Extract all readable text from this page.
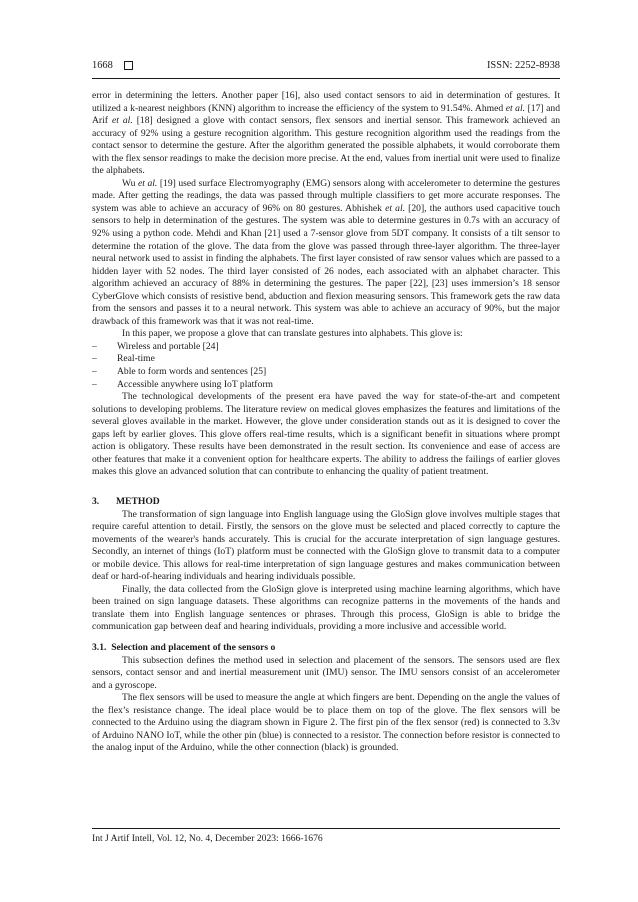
1668	ISSN: 2252-8938

error in determining the letters. Another paper [16], also used contact sensors to aid in determination of gestures. It utilized a k-nearest neighbors (KNN) algorithm to increase the efficiency of the system to 91.54%. Ahmed et al. [17] and Arif et al. [18] designed a glove with contact sensors, flex sensors and inertial sensor. This framework achieved an accuracy of 92% using a gesture recognition algorithm. This gesture recognition algorithm used the readings from the contact sensor to determine the gesture. After the algorithm generated the possible alphabets, it would corroborate them with the flex sensor readings to make the decision more precise. At the end, values from inertial unit were used to finalize the alphabets.

Wu et al. [19] used surface Electromyography (EMG) sensors along with accelerometer to determine the gestures made. After getting the readings, the data was passed through multiple classifiers to get more accurate responses. The system was able to achieve an accuracy of 96% on 80 gestures. Abhishek et al. [20], the authors used capacitive touch sensors to help in determination of the gestures. The system was able to determine gestures in 0.7s with an accuracy of 92% using a python code. Mehdi and Khan [21] used a 7-sensor glove from 5DT company. It consists of a tilt sensor to determine the rotation of the glove. The data from the glove was passed through three-layer algorithm. The three-layer neural network used to assist in finding the alphabets. The first layer consisted of raw sensor values which are passed to a hidden layer with 52 nodes. The third layer consisted of 26 nodes, each associated with an alphabet character. This algorithm achieved an accuracy of 88% in determining the gestures. The paper [22], [23] uses immersion’s 18 sensor CyberGlove which consists of resistive bend, abduction and flexion measuring sensors. This framework gets the raw data from the sensors and passes it to a neural network. This system was able to achieve an accuracy of 90%, but the major drawback of this framework was that it was not real-time.

In this paper, we propose a glove that can translate gestures into alphabets. This glove is:

– Wireless and portable [24]
– Real-time
– Able to form words and sentences [25]
– Accessible anywhere using IoT platform

The technological developments of the present era have paved the way for state-of-the-art and competent solutions to developing problems. The literature review on medical gloves emphasizes the features and limitations of the several gloves available in the market. However, the glove under consideration stands out as it is designed to cover the gaps left by earlier gloves. This glove offers real-time results, which is a significant benefit in situations where prompt action is obligatory. These results have been demonstrated in the result section. Its convenience and ease of access are other features that make it a convenient option for healthcare experts. The ability to address the failings of earlier gloves makes this glove an advanced solution that can contribute to enhancing the quality of patient treatment.

3. METHOD

The transformation of sign language into English language using the GloSign glove involves multiple stages that require careful attention to detail. Firstly, the sensors on the glove must be selected and placed correctly to capture the movements of the wearer's hands accurately. This is crucial for the accurate interpretation of sign language gestures. Secondly, an internet of things (IoT) platform must be connected with the GloSign glove to transmit data to a computer or mobile device. This allows for real-time interpretation of sign language gestures and makes communication between deaf or hard-of-hearing individuals and hearing individuals possible.

Finally, the data collected from the GloSign glove is interpreted using machine learning algorithms, which have been trained on sign language datasets. These algorithms can recognize patterns in the movements of the hands and translate them into English language sentences or phrases. Through this process, GloSign is able to bridge the communication gap between deaf and hearing individuals, providing a more inclusive and accessible world.

3.1. Selection and placement of the sensors o

This subsection defines the method used in selection and placement of the sensors. The sensors used are flex sensors, contact sensor and and inertial measurement unit (IMU) sensor. The IMU sensors consist of an accelerometer and a gyroscope.

The flex sensors will be used to measure the angle at which fingers are bent. Depending on the angle the values of the flex’s resistance change. The ideal place would be to place them on top of the glove. The flex sensors will be connected to the Arduino using the diagram shown in Figure 2. The first pin of the flex sensor (red) is connected to 3.3v of Arduino NANO IoT, while the other pin (blue) is connected to a resistor. The connection before resistor is connected to the analog input of the Arduino, while the other connection (black) is grounded.

Int J Artif Intell, Vol. 12, No. 4, December 2023: 1666-1676
